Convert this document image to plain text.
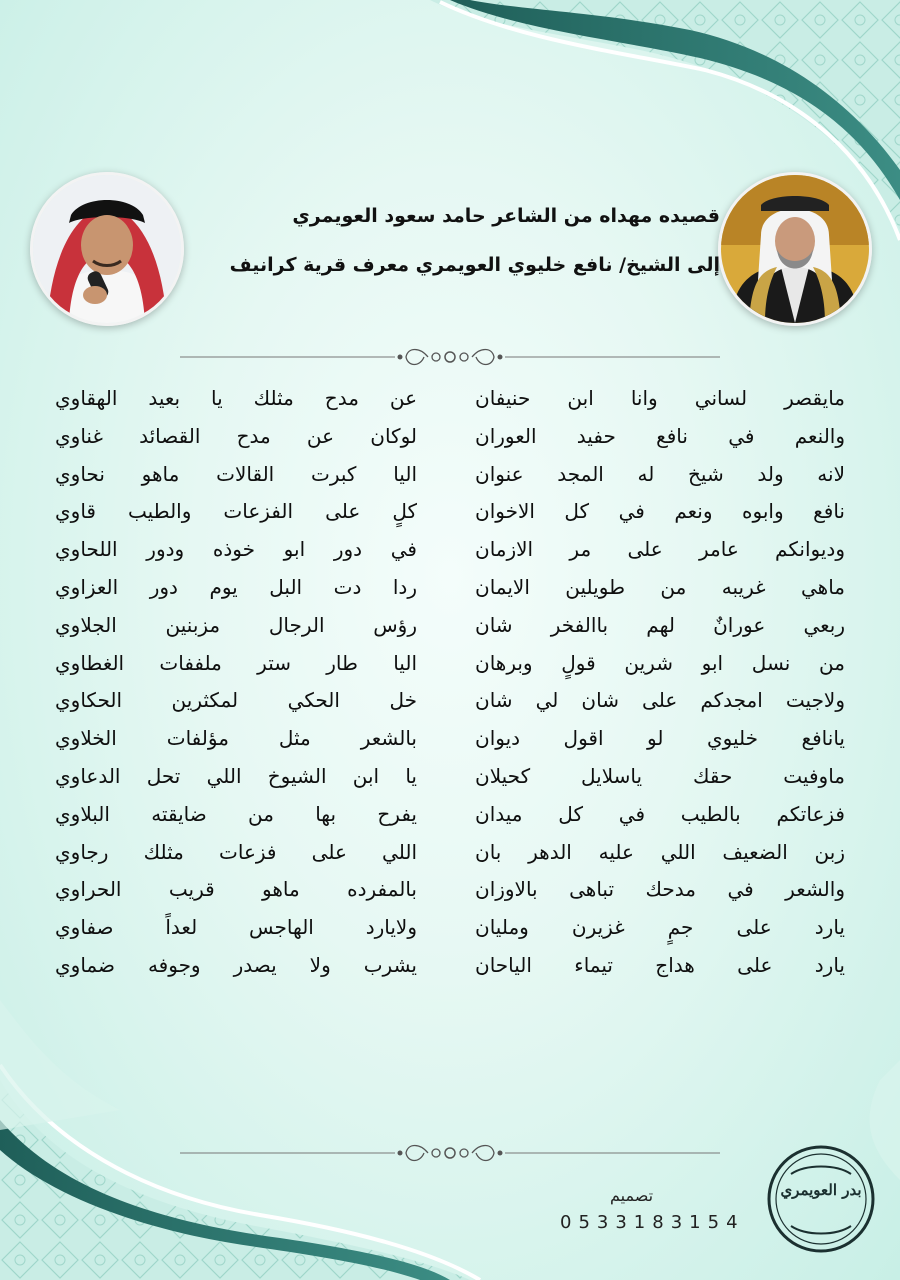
قصيده مهداه من الشاعر حامد سعود العويمري
إلى الشيخ/ نافع خليوي العويمري معرف قرية كرانيف
مايقصر لساني وانا ابن حنيفان
والنعم في نافع حفيد العوران
لانه ولد شيخ له المجد عنوان
نافع وابوه ونعم في كل الاخوان
وديوانكم عامر على مر الازمان
ماهي غريبه من طويلين الايمان
ربعي عورانٌ لهم باالفخر شان
من نسل ابو شرين قولٍ وبرهان
ولاجيت امجدكم على شان لي شان
يانافع خليوي لو اقول ديوان
ماوفيت حقك ياسلايل كحيلان
فزعاتكم بالطيب في كل ميدان
زبن الضعيف اللي عليه الدهر بان
والشعر في مدحك تباهى بالاوزان
يارد على جمٍ غزيرن ومليان
يارد على هداج تيماء الياحان
عن مدح مثلك يا بعيد الهقاوي
لوكان عن مدح القصائد غناوي
اليا كبرت القالات ماهو نحاوي
كلٍ على الفزعات والطيب قاوي
في دور ابو خوذه ودور اللحاوي
ردا دت البل يوم دور العزاوي
رؤس الرجال مزبنين الجلاوي
اليا طار ستر ملففات الغطاوي
خل الحكي لمكثرين الحكاوي
بالشعر مثل مؤلفات الخلاوي
يا ابن الشيوخ اللي تحل الدعاوي
يفرح بها من ضايقته البلاوي
اللي على فزعات مثلك رجاوي
بالمفرده ماهو قريب الحراوي
ولايارد الهاجس لعداً صفاوي
يشرب ولا يصدر وجوفه ضماوي
تصميم
0533183154
بدر العويمري
